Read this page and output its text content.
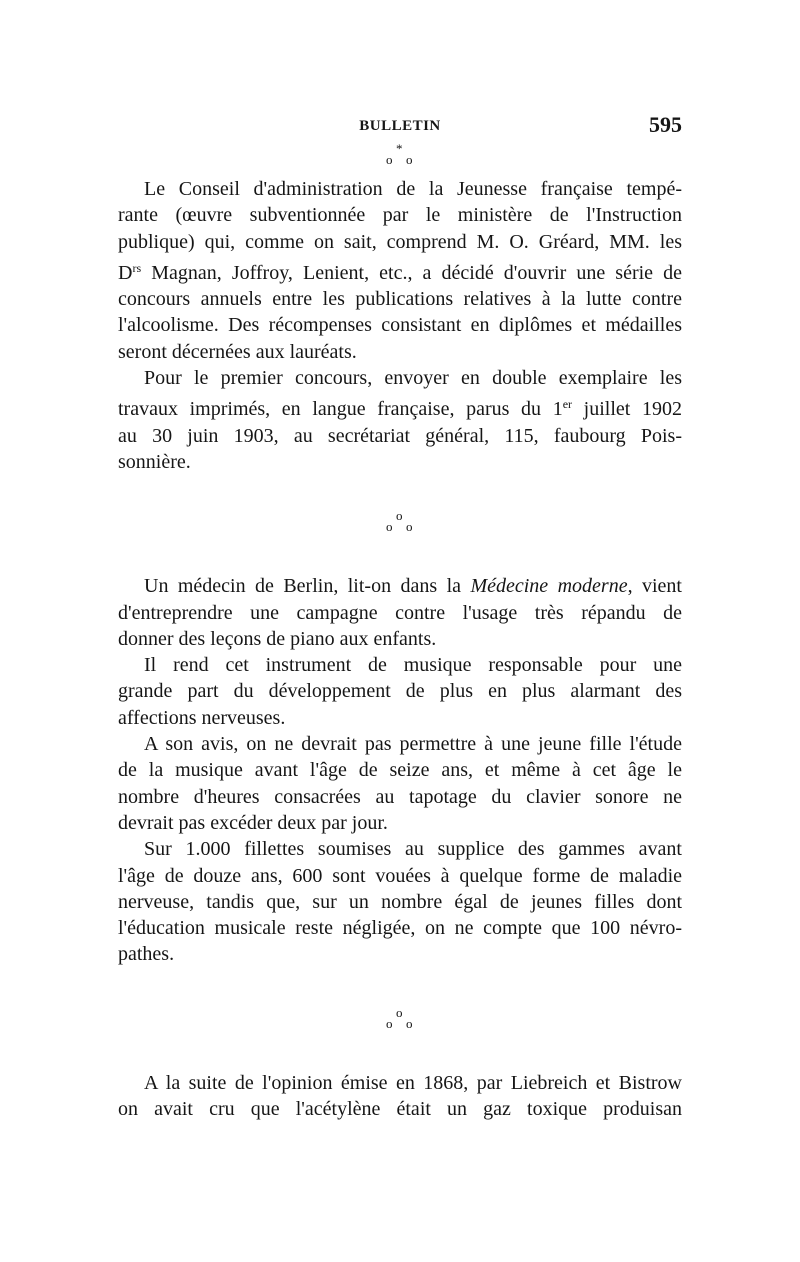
BULLETIN	595
*
o o

Le Conseil d'administration de la Jeunesse française tempé-
rante (œuvre subventionnée par le ministère de l'Instruction
publique) qui, comme on sait, comprend M. O. Gréard, MM. les
$D^{rs}$ Magnan, Joffroy, Lenient, etc., a décidé d'ouvrir une série de
concours annuels entre les publications relatives à la lutte contre
l'alcoolisme. Des récompenses consistant en diplômes et médailles
seront décernées aux lauréats.

Pour le premier concours, envoyer en double exemplaire les
travaux imprimés, en langue française, parus du 1er juillet 1902
au 30 juin 1903, au secrétariat général, 115, faubourg Pois-
sonnière.

o
o o

Un médecin de Berlin, lit-on dans la Médecine moderne, vient
d'entreprendre une campagne contre l'usage très répandu de
donner des leçons de piano aux enfants.

Il rend cet instrument de musique responsable pour une
grande part du développement de plus en plus alarmant des
affections nerveuses.

A son avis, on ne devrait pas permettre à une jeune fille l'étude
de la musique avant l'âge de seize ans, et même à cet âge le
nombre d'heures consacrées au tapotage du clavier sonore ne
devrait pas excéder deux par jour.

Sur 1.000 fillettes soumises au supplice des gammes avant
l'âge de douze ans, 600 sont vouées à quelque forme de maladie
nerveuse, tandis que, sur un nombre égal de jeunes filles dont
l'éducation musicale reste négligée, on ne compte que 100 névro-
pathes.

o
o o

A la suite de l'opinion émise en 1868, par Liebreich et Bistrow
on avait cru que l'acétylène était un gaz toxique produisan
